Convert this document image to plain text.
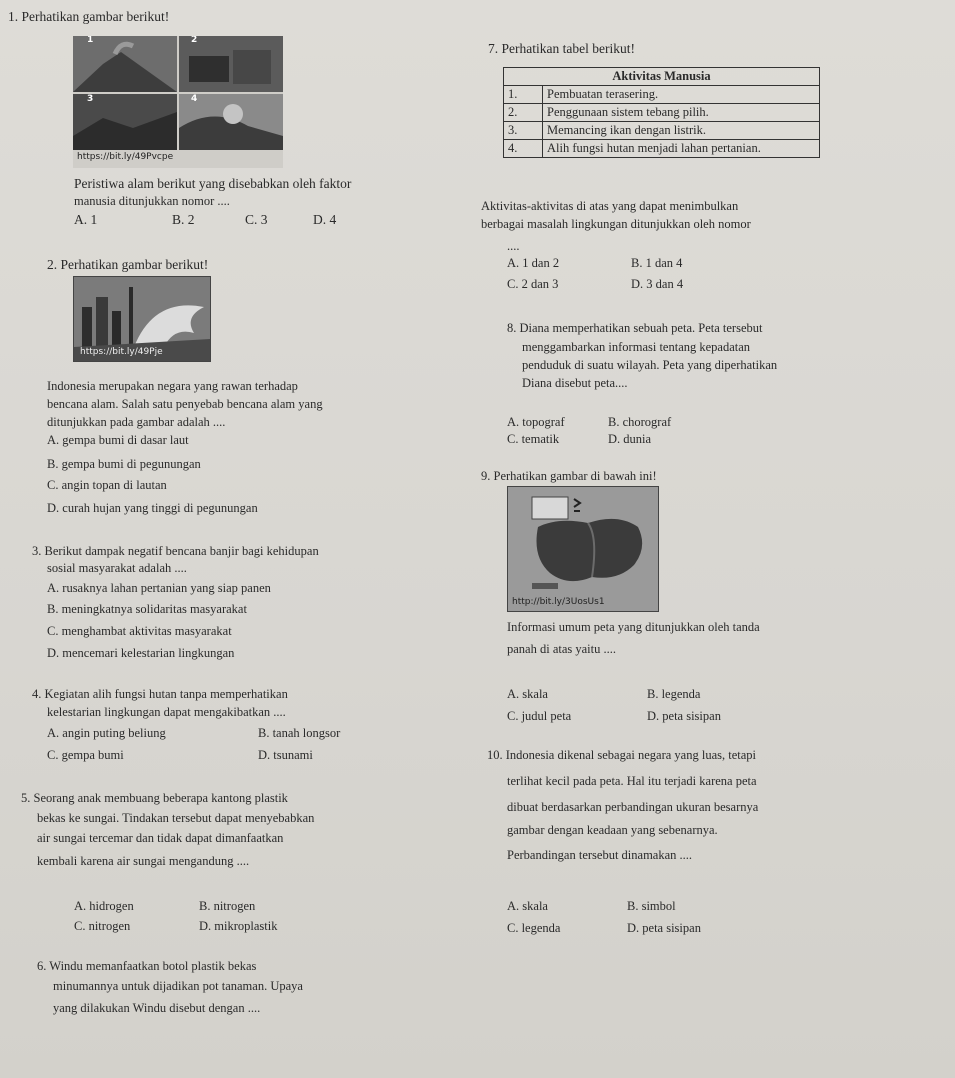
1. Perhatikan gambar berikut!
https://bit.ly/49Pvcpe
1	2
3	4
Peristiwa alam berikut yang disebabkan oleh faktor
manusia ditunjukkan nomor ....
A. 1	B. 2	C. 3	D. 4
2. Perhatikan gambar berikut!
https://bit.ly/49Pje
Indonesia merupakan negara yang rawan terhadap
bencana alam. Salah satu penyebab bencana alam yang
ditunjukkan pada gambar adalah ....
A. gempa bumi di dasar laut
B. gempa bumi di pegunungan
C. angin topan di lautan
D. curah hujan yang tinggi di pegunungan
3. Berikut dampak negatif bencana banjir bagi kehidupan
sosial masyarakat adalah ....
A. rusaknya lahan pertanian yang siap panen
B. meningkatnya solidaritas masyarakat
C. menghambat aktivitas masyarakat
D. mencemari kelestarian lingkungan
4. Kegiatan alih fungsi hutan tanpa memperhatikan
kelestarian lingkungan dapat mengakibatkan ....
A. angin puting beliung	B. tanah longsor
C. gempa bumi	D. tsunami
5. Seorang anak membuang beberapa kantong plastik
bekas ke sungai. Tindakan tersebut dapat menyebabkan
air sungai tercemar dan tidak dapat dimanfaatkan
kembali karena air sungai mengandung ....
A. hidrogen	B. nitrogen
C. nitrogen	D. mikroplastik
6. Windu memanfaatkan botol plastik bekas
minumannya untuk dijadikan pot tanaman. Upaya
yang dilakukan Windu disebut dengan ....
7. Perhatikan tabel berikut!
Aktivitas Manusia	
1.	Pembuatan terasering.
2.	Penggunaan sistem tebang pilih.
3.	Memancing ikan dengan listrik.
4.	Alih fungsi hutan menjadi lahan pertanian.
Aktivitas-aktivitas di atas yang dapat menimbulkan
berbagai masalah lingkungan ditunjukkan oleh nomor
....
A. 1 dan 2	B. 1 dan 4
C. 2 dan 3	D. 3 dan 4
8. Diana memperhatikan sebuah peta. Peta tersebut
menggambarkan informasi tentang kepadatan
penduduk di suatu wilayah. Peta yang diperhatikan
Diana disebut peta....
A. topograf	B. chorograf
C. tematik	D. dunia
9. Perhatikan gambar di bawah ini!
http://bit.ly/3UosUs1
Informasi umum peta yang ditunjukkan oleh tanda
panah di atas yaitu ....
A. skala	B. legenda
C. judul peta	D. peta sisipan
10. Indonesia dikenal sebagai negara yang luas, tetapi
terlihat kecil pada peta. Hal itu terjadi karena peta
dibuat berdasarkan perbandingan ukuran besarnya
gambar dengan keadaan yang sebenarnya.
Perbandingan tersebut dinamakan ....
A. skala	B. simbol
C. legenda	D. peta sisipan
